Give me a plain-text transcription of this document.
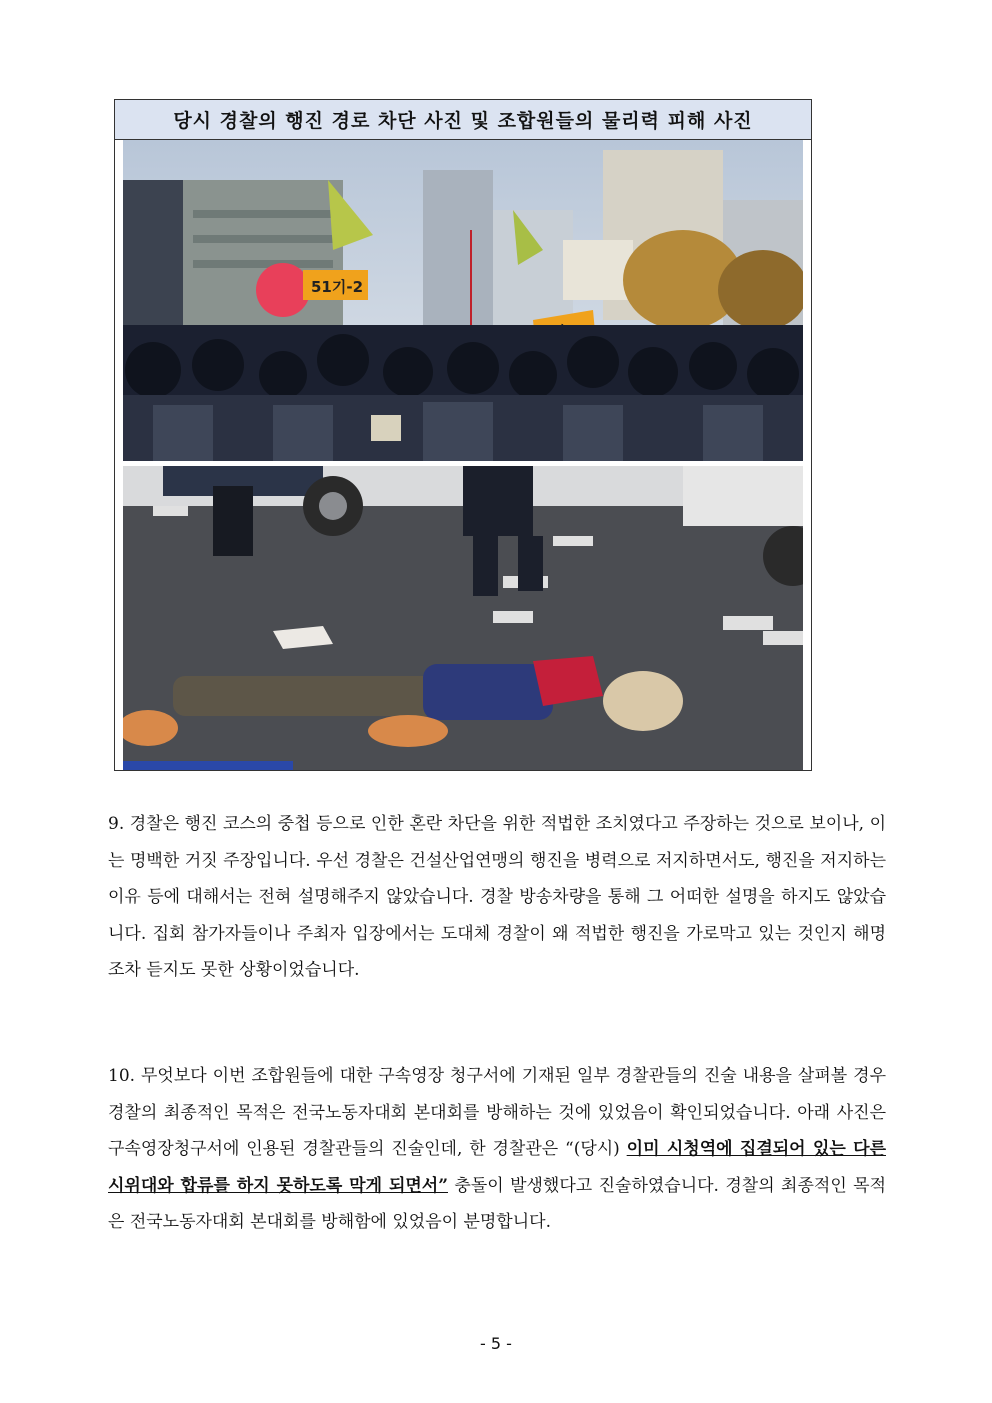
당시 경찰의 행진 경로 차단 사진 및 조합원들의 물리력 피해 사진
51기-2

9. 경찰은 행진 코스의 중첩 등으로 인한 혼란 차단을 위한 적법한 조치였다고 주장하는 것으로 보이나, 이는 명백한 거짓 주장입니다. 우선 경찰은 건설산업연맹의 행진을 병력으로 저지하면서도, 행진을 저지하는 이유 등에 대해서는 전혀 설명해주지 않았습니다. 경찰 방송차량을 통해 그 어떠한 설명을 하지도 않았습니다. 집회 참가자들이나 주최자 입장에서는 도대체 경찰이 왜 적법한 행진을 가로막고 있는 것인지 해명조차 듣지도 못한 상황이었습니다.

10. 무엇보다 이번 조합원들에 대한 구속영장 청구서에 기재된 일부 경찰관들의 진술 내용을 살펴볼 경우 경찰의 최종적인 목적은 전국노동자대회 본대회를 방해하는 것에 있었음이 확인되었습니다. 아래 사진은 구속영장청구서에 인용된 경찰관들의 진술인데, 한 경찰관은 “(당시) 이미 시청역에 집결되어 있는 다른 시위대와 합류를 하지 못하도록 막게 되면서” 충돌이 발생했다고 진술하였습니다. 경찰의 최종적인 목적은 전국노동자대회 본대회를 방해함에 있었음이 분명합니다.

- 5 -
